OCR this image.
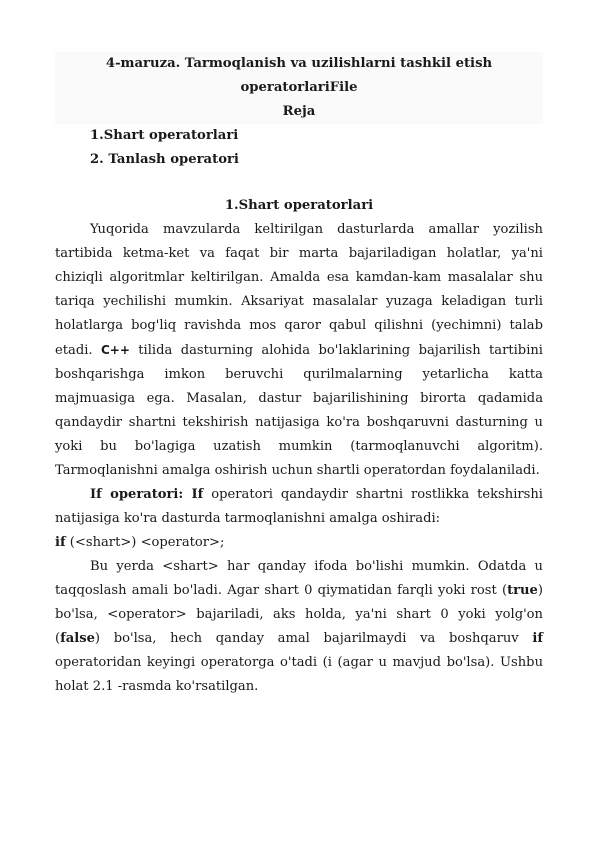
4-maruza. Tarmoqlanish va uzilishlarni tashkil etish operatorlariFile
Reja
1.Shart operatorlari
2. Tanlash operatori
1.Shart operatorlari

Yuqorida mavzularda keltirilgan dasturlarda amallar yozilish tartibida ketma-ket va faqat bir marta bajariladigan holatlar, ya'ni chiziqli algoritmlar keltirilgan. Amalda esa kamdan-kam masalalar shu tariqa yechilishi mumkin. Aksariyat masalalar yuzaga keladigan turli holatlarga bog'liq ravishda mos qaror qabul qilishni (yechimni) talab etadi. C++ tilida dasturning alohida bo'laklarining bajarilish tartibini boshqarishga imkon beruvchi qurilmalarning yetarlicha katta majmuasiga ega. Masalan, dastur bajarilishining birorta qadamida qandaydir shartni tekshirish natijasiga ko'ra boshqaruvni dasturning u yoki bu bo'lagiga uzatish mumkin (tarmoqlanuvchi algoritm). Tarmoqlanishni amalga oshirish uchun shartli operatordan foydalaniladi.

If operatori: If operatori qandaydir shartni rostlikka tekshirshi natijasiga ko'ra dasturda tarmoqlanishni amalga oshiradi:

if (<shart>) <operator>;

Bu yerda <shart> har qanday ifoda bo'lishi mumkin. Odatda u taqqoslash amali bo'ladi. Agar shart 0 qiymatidan farqli yoki rost (true) bo'lsa, <operator> bajariladi, aks holda, ya'ni shart 0 yoki yolg'on (false) bo'lsa, hech qanday amal bajarilmaydi va boshqaruv if operatoridan keyingi operatorga o'tadi (i (agar u mavjud bo'lsa). Ushbu holat 2.1 -rasmda ko'rsatilgan.
